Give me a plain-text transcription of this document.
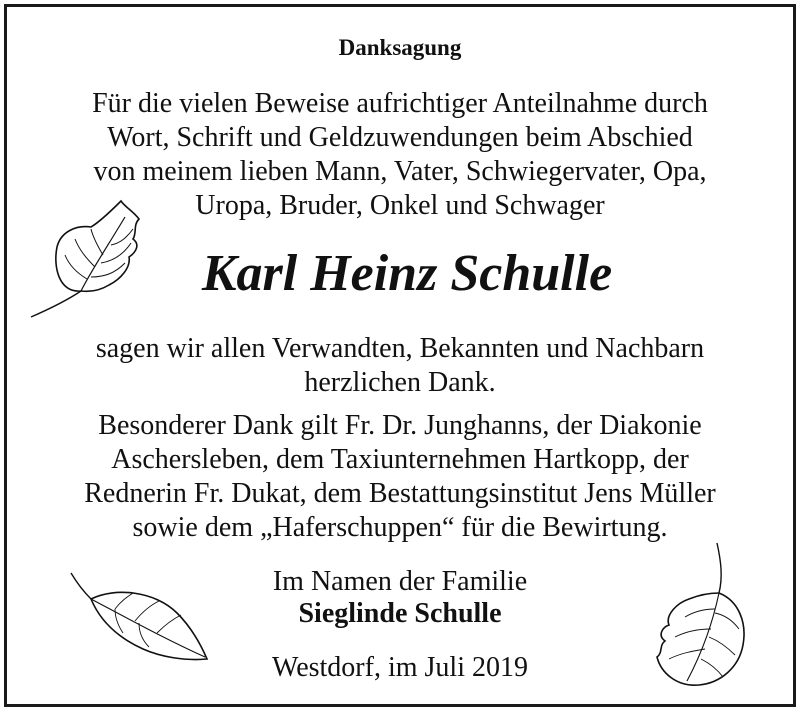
Danksagung
Für die vielen Beweise aufrichtiger Anteilnahme durch
Wort, Schrift und Geldzuwendungen beim Abschied
von meinem lieben Mann, Vater, Schwiegervater, Opa,
Uropa, Bruder, Onkel und Schwager
Karl Heinz Schulle
sagen wir allen Verwandten, Bekannten und Nachbarn
herzlichen Dank.
Besonderer Dank gilt Fr. Dr. Junghanns, der Diakonie
Aschersleben, dem Taxiunternehmen Hartkopp, der
Rednerin Fr. Dukat, dem Bestattungsinstitut Jens Müller
sowie dem „Haferschuppen“ für die Bewirtung.
Im Namen der Familie
Sieglinde Schulle
Westdorf, im Juli 2019
